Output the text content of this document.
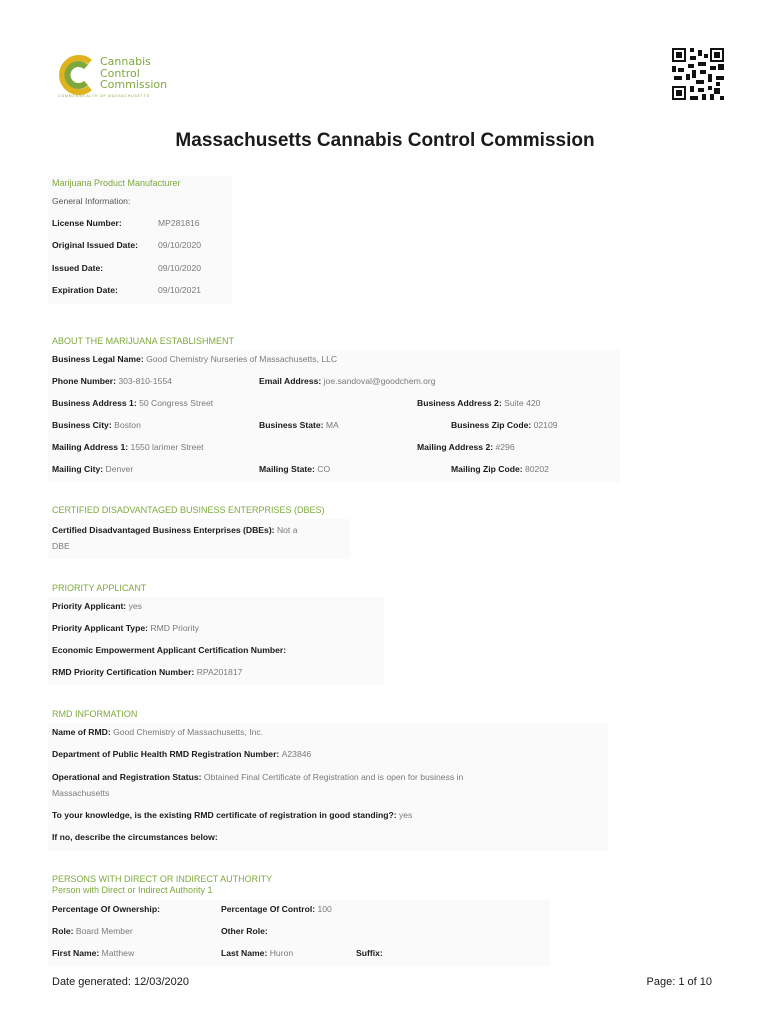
Cannabis
Control
Commission
COMMONWEALTH OF MASSACHUSETTS
Massachusetts Cannabis Control Commission
Marijuana Product Manufacturer
General Information:
License Number:	MP281816
Original Issued Date: 09/10/2020
Issued Date:	09/10/2020
Expiration Date:	09/10/2021
ABOUT THE MARIJUANA ESTABLISHMENT
Business Legal Name: Good Chemistry Nurseries of Massachusetts, LLC
Phone Number: 303-810-1554	Email Address: joe.sandoval@goodchem.org
Business Address 1: 50 Congress Street	Business Address 2: Suite 420
Business City: Boston	Business State: MA	Business Zip Code: 02109
Mailing Address 1: 1550 larimer Street	Mailing Address 2: #296
Mailing City: Denver	Mailing State: CO	Mailing Zip Code: 80202
CERTIFIED DISADVANTAGED BUSINESS ENTERPRISES (DBES)
Certified Disadvantaged Business Enterprises (DBEs): Not a
DBE
PRIORITY APPLICANT
Priority Applicant: yes
Priority Applicant Type: RMD Priority
Economic Empowerment Applicant Certification Number:
RMD Priority Certification Number: RPA201817
RMD INFORMATION
Name of RMD: Good Chemistry of Massachusetts, Inc.
Department of Public Health RMD Registration Number: A23846
Operational and Registration Status: Obtained Final Certificate of Registration and is open for business in
Massachusetts
To your knowledge, is the existing RMD certificate of registration in good standing?: yes
If no, describe the circumstances below:
PERSONS WITH DIRECT OR INDIRECT AUTHORITY
Person with Direct or Indirect Authority 1
Percentage Of Ownership:	Percentage Of Control: 100
Role: Board Member	Other Role:
First Name: Matthew	Last Name: Huron	Suffix:
Date generated: 12/03/2020	Page: 1 of 10
